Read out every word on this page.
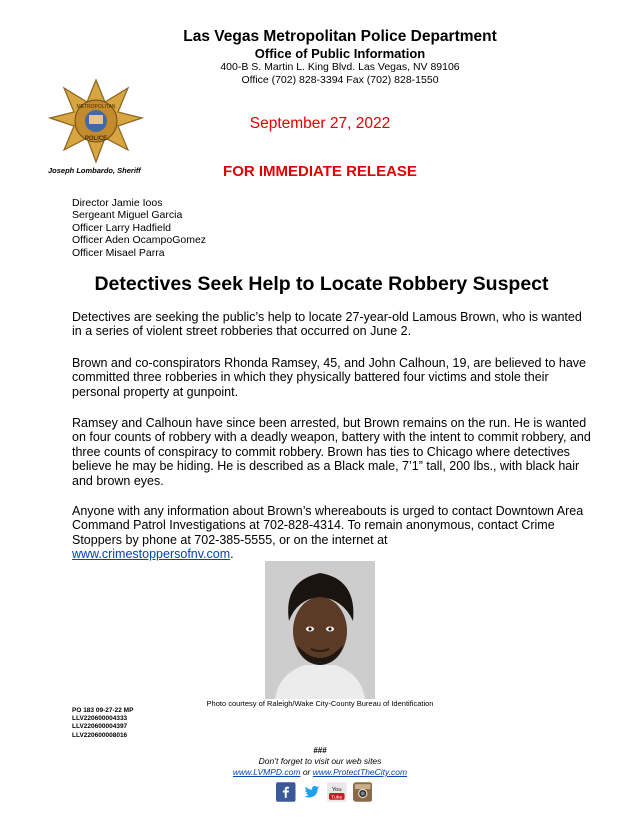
Las Vegas Metropolitan Police Department
Office of Public Information
400-B S. Martin L. King Blvd. Las Vegas, NV 89106
Office (702) 828-3394 Fax (702) 828-1550
METROPOLITAN
POLICE
Joseph Lombardo, Sheriff
September 27, 2022
FOR IMMEDIATE RELEASE
Director Jamie Ioos
Sergeant Miguel Garcia
Officer Larry Hadfield
Officer Aden OcampoGomez
Officer Misael Parra
Detectives Seek Help to Locate Robbery Suspect
Detectives are seeking the public’s help to locate 27-year-old Lamous Brown, who is wanted in a series of violent street robberies that occurred on June 2.
Brown and co-conspirators Rhonda Ramsey, 45, and John Calhoun, 19, are believed to have committed three robberies in which they physically battered four victims and stole their personal property at gunpoint.
Ramsey and Calhoun have since been arrested, but Brown remains on the run. He is wanted on four counts of robbery with a deadly weapon, battery with the intent to commit robbery, and three counts of conspiracy to commit robbery. Brown has ties to Chicago where detectives believe he may be hiding. He is described as a Black male, 7’1” tall, 200 lbs., with black hair and brown eyes.
Anyone with any information about Brown’s whereabouts is urged to contact Downtown Area Command Patrol Investigations at 702-828-4314. To remain anonymous, contact Crime Stoppers by phone at 702-385-5555, or on the internet at
www.crimestoppersofnv.com.
Photo courtesy of Raleigh/Wake City-County Bureau of Identification
PO 183 09-27-22 MP
LLV220600004333
LLV220600004397
LLV220600008016
###
Don’t forget to visit our web sites
www.LVMPD.com or www.ProtectTheCity.com
You
Tube
